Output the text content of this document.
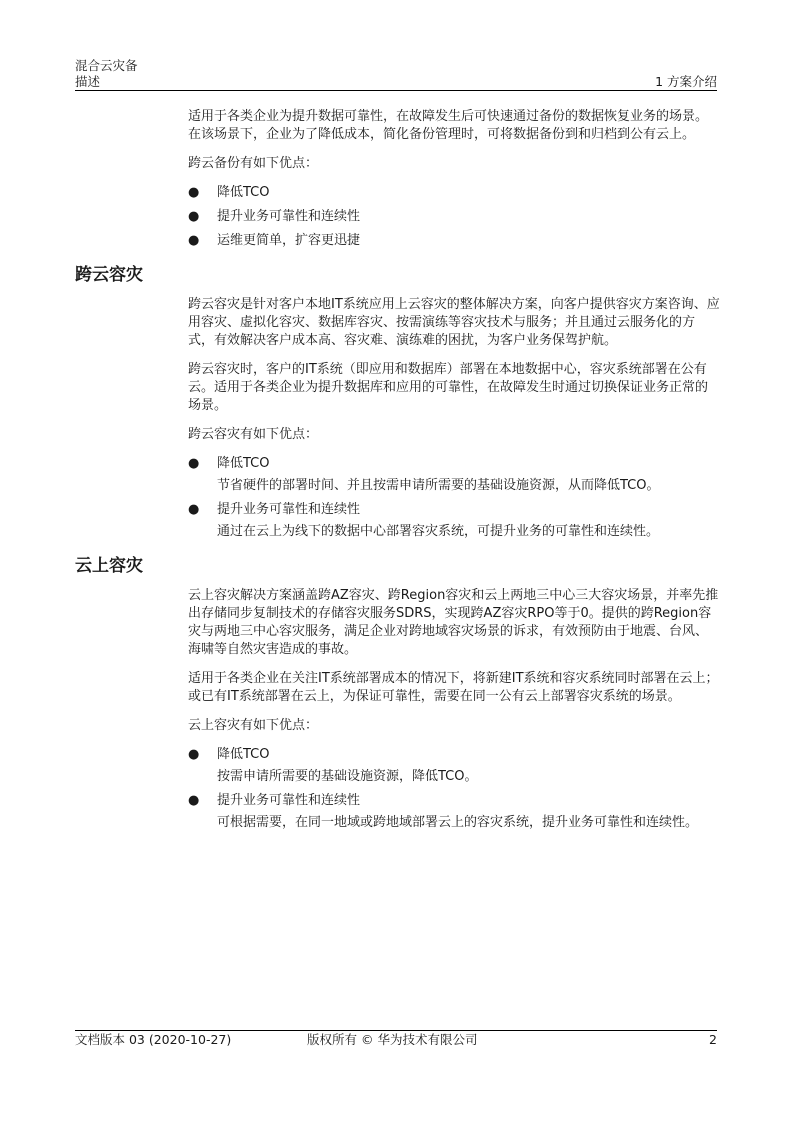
混合云灾备
描述	1 方案介绍

适用于各类企业为提升数据可靠性，在故障发生后可快速通过备份的数据恢复业务的场景。在该场景下，企业为了降低成本，简化备份管理时，可将数据备份到和归档到公有云上。

跨云备份有如下优点：

● 降低TCO
● 提升业务可靠性和连续性
● 运维更简单，扩容更迅捷
跨云容灾

跨云容灾是针对客户本地IT系统应用上云容灾的整体解决方案，向客户提供容灾方案咨询、应用容灾、虚拟化容灾、数据库容灾、按需演练等容灾技术与服务；并且通过云服务化的方式，有效解决客户成本高、容灾难、演练难的困扰，为客户业务保驾护航。

跨云容灾时，客户的IT系统（即应用和数据库）部署在本地数据中心，容灾系统部署在公有云。适用于各类企业为提升数据库和应用的可靠性，在故障发生时通过切换保证业务正常的场景。

跨云容灾有如下优点：

● 降低TCO
节省硬件的部署时间、并且按需申请所需要的基础设施资源，从而降低TCO。
● 提升业务可靠性和连续性
通过在云上为线下的数据中心部署容灾系统，可提升业务的可靠性和连续性。
云上容灾

云上容灾解决方案涵盖跨AZ容灾、跨Region容灾和云上两地三中心三大容灾场景，并率先推出存储同步复制技术的存储容灾服务SDRS，实现跨AZ容灾RPO等于0。提供的跨Region容灾与两地三中心容灾服务，满足企业对跨地域容灾场景的诉求，有效预防由于地震、台风、海啸等自然灾害造成的事故。

适用于各类企业在关注IT系统部署成本的情况下，将新建IT系统和容灾系统同时部署在云上；或已有IT系统部署在云上，为保证可靠性，需要在同一公有云上部署容灾系统的场景。

云上容灾有如下优点：

● 降低TCO
按需申请所需要的基础设施资源，降低TCO。
● 提升业务可靠性和连续性
可根据需要，在同一地域或跨地域部署云上的容灾系统，提升业务可靠性和连续性。
文档版本 03 (2020-10-27)	版权所有 © 华为技术有限公司	2
